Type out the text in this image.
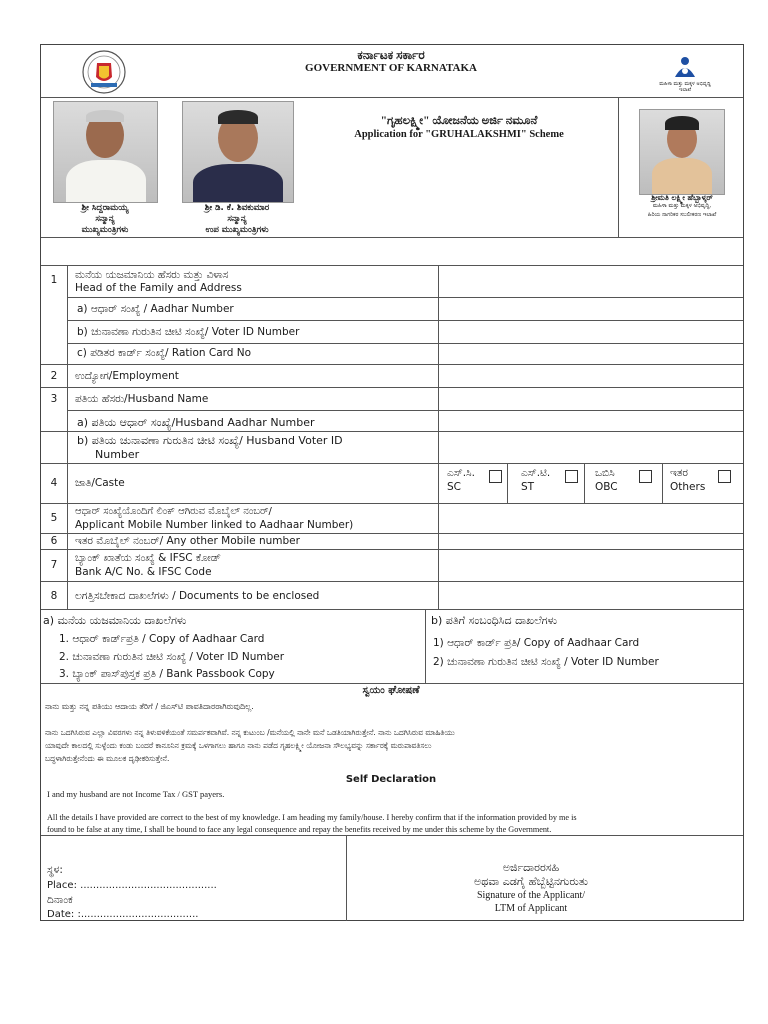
ಕರ್ನಾಟಕ ಸರ್ಕಾರ
GOVERNMENT OF KARNATAKA
ಮಹಿಳಾ ಮತ್ತು ಮಕ್ಕಳ ಅಭಿವೃದ್ಧಿ ಇಲಾಖೆ
ಶ್ರೀ ಸಿದ್ದರಾಮಯ್ಯ
ಸನ್ಮಾನ್ಯ
ಮುಖ್ಯಮಂತ್ರಿಗಳು
ಶ್ರೀ ಡಿ. ಕೆ. ಶಿವಕುಮಾರ
ಸನ್ಮಾನ್ಯ
ಉಪ ಮುಖ್ಯಮಂತ್ರಿಗಳು
"ಗೃಹಲಕ್ಷ್ಮೀ" ಯೋಜನೆಯ ಅರ್ಜಿ ನಮೂನೆ
Application for "GRUHALAKSHMI" Scheme
ಶ್ರೀಮತಿ ಲಕ್ಷ್ಮೀ ಹೆಬ್ಬಾಳ್ಕರ್
ಮಹಿಳಾ ಮತ್ತು ಮಕ್ಕಳ ಅಭಿವೃದ್ಧಿ,
ಹಿರಿಯ ನಾಗರಿಕರ ಸಬಲೀಕರಣ ಇಲಾಖೆ
1	ಮನೆಯ ಯಜಮಾನಿಯ ಹೆಸರು ಮತ್ತು ವಿಳಾಸ
Head of the Family and Address
a) ಆಧಾರ್ ಸಂಖ್ಯೆ / Aadhar Number
b) ಚುನಾವಣಾ ಗುರುತಿನ ಚೀಟಿ ಸಂಖ್ಯೆ/ Voter ID Number
c) ಪಡಿತರ ಕಾರ್ಡ್ ಸಂಖ್ಯೆ/ Ration Card No
2	ಉದ್ಯೋಗ/Employment
3	ಪತಿಯ ಹೆಸರು/Husband Name
a) ಪತಿಯ ಆಧಾರ್ ಸಂಖ್ಯೆ/Husband Aadhar Number
b) ಪತಿಯ ಚುನಾವಣಾ ಗುರುತಿನ ಚೀಟಿ ಸಂಖ್ಯೆ/ Husband Voter ID
Number
4	ಜಾತಿ/Caste
ಎಸ್.ಸಿ.
SC
ಎಸ್.ಟಿ.
ST
ಒಬಿಸಿ
OBC
ಇತರ
Others
5
ಆಧಾರ್ ಸಂಖ್ಯೆಯೊಂದಿಗೆ ಲಿಂಕ್ ಆಗಿರುವ ಮೊಬೈಲ್ ನಂಬರ್/
Applicant Mobile Number linked to Aadhaar Number)
6	ಇತರ ಮೊಬೈಲ್ ನಂಬರ್/ Any other Mobile number
7
ಬ್ಯಾಂಕ್ ಖಾತೆಯ ಸಂಖ್ಯೆ & IFSC ಕೋಡ್
Bank A/C No. & IFSC Code
8	ಲಗತ್ತಿಸಬೇಕಾದ ದಾಖಲೆಗಳು / Documents to be enclosed
a) ಮನೆಯ ಯಜಮಾನಿಯ ದಾಖಲೆಗಳು
1. ಆಧಾರ್ ಕಾರ್ಡ್‌ಪ್ರತಿ / Copy of Aadhaar Card
2. ಚುನಾವಣಾ ಗುರುತಿನ ಚೀಟಿ ಸಂಖ್ಯೆ / Voter ID Number
3. ಬ್ಯಾಂಕ್ ಪಾಸ್‌ಪುಸ್ತಕ ಪ್ರತಿ / Bank Passbook Copy
b) ಪತಿಗೆ ಸಂಬಂಧಿಸಿದ ದಾಖಲೆಗಳು
1) ಆಧಾರ್ ಕಾರ್ಡ್ ಪ್ರತಿ/ Copy of Aadhaar Card
2) ಚುನಾವಣಾ ಗುರುತಿನ ಚೀಟಿ ಸಂಖ್ಯೆ / Voter ID Number
ಸ್ವಯಂ ಘೋಷಣೆ
ನಾನು ಮತ್ತು ನನ್ನ ಪತಿಯು ಆದಾಯ ತೆರಿಗೆ / ಜಿಎಸ್‌ಟಿ ಪಾವತಿದಾರರಾಗಿರುವುದಿಲ್ಲ.
ನಾನು ಒದಗಿಸಿರುವ ಎಲ್ಲಾ ವಿವರಗಳು ನನ್ನ ತಿಳುವಳಿಕೆಯಂತೆ ಸಮರ್ಪಕವಾಗಿವೆ. ನನ್ನ ಕುಟುಂಬ /ಮನೆಯಲ್ಲಿ ನಾನೇ ಮನೆ ಒಡತಿಯಾಗಿರುತ್ತೇನೆ. ನಾನು ಒದಗಿಸಿರುವ ಮಾಹಿತಿಯು
ಯಾವುದೇ ಕಾಲದಲ್ಲಿ ಸುಳ್ಳೆಂದು ಕಂಡು ಬಂದರೆ ಕಾನೂನಿನ ಕ್ರಮಕ್ಕೆ ಒಳಗಾಗಲು ಹಾಗೂ ನಾನು ಪಡೆದ ಗೃಹಲಕ್ಷ್ಮೀ ಯೋಜನಾ ಸೌಲಭ್ಯವನ್ನು ಸರ್ಕಾರಕ್ಕೆ ಮರುಪಾವತಿಸಲು
ಬದ್ಧಳಾಗಿರುತ್ತೇನೆಂದು ಈ ಮೂಲಕ ದೃಢೀಕರಿಸುತ್ತೇನೆ.
Self Declaration
I and my husband are not Income Tax / GST payers.
All the details I have provided are correct to the best of my knowledge. I am heading my family/house. I hereby confirm that if the information provided by me is
found to be false at any time, I shall be bound to face any legal consequence and repay the benefits received by me under this scheme by the Government.
ಸ್ಥಳ:
Place: ...........................................
ದಿನಾಂಕ
Date: :.....................................
ಅರ್ಜಿದಾರರಸಹಿ
ಅಥವಾ ಎಡಗೈ ಹೆಬ್ಬೆಟ್ಟಿನಗುರುತು
Signature of the Applicant/
LTM of Applicant
